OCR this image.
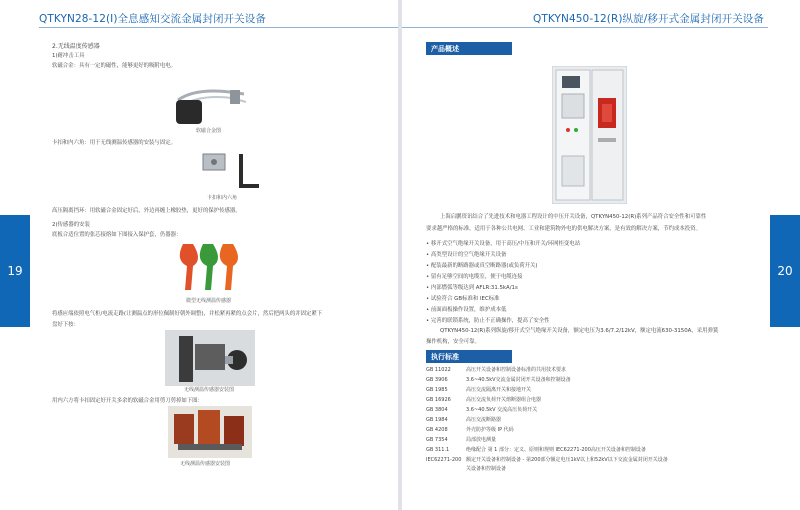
QTKYN28-12(I)全息感知交流金属封闭开关设备
19
2.无线温度传感器
1)耐冲击工具
软磁合金：具有一定的磁性，能够更好的吸附电电。
软磁合金图
卡扣和内六角：用于无线测温传感器的安装与固定。
卡扣和内六角
高压隔离挡环：用软磁合金固定好后，外边再缠上橡胶垫，更好的保护传感器。
2)传感器的安装
底板合适位置的张芯接熔如下图接入保护套，仍器器：
微型无线测温传感器
将感应端依照电气柜/电流走路(让测温点的形位佩制好朝外调整)，并松紧再紧的点会片，然后把两头的并固定紧下
盘好下按：
无线测温传感器安装图
用内六方将卡扣固定好开关多余的软磁合金用剪刀剪掉如下图：
无线测温传感器安装图
QTKYN450-12(R)纵旋/移开式金属封闭开关设备
20
产品概述
上海启鹏资讯结合了先进技术和电器工程设计的中压开关设备，QTKYN450-12(R)系列产品符合安全性和可靠性
要求越严格的标准，适用于各种公共电网、工业和建筑物外电的供电解决方案，是有效的解决方案，节约成本投资。
• 移开式空气绝缘开关设备，用于高压/中压和开关/环网柜变电站
• 高类型设计的空气绝缘开关设备
• 配装最新的断路器或真空断路器(或负荷开关)
• 留有足够空间的电缆室，便于电缆连接
• 内部燃弧等级达到 AFLR:31.5kA/1s
• 试验符合 GB标准和 IEC标准
• 前面面板操作设置，维护成本低
• 完善的联锁系统，防止不正确操作，提高了安全性
QTKYN450-12(R)系列纵旋/移开式空气绝缘开关设备，额定电压为3.6/7.2/12kV，额定电流630-3150A，采用弹簧
操作机构，安全可靠。
执行标准
GB 11022	高压开关设备和控制设备标准的共用技术要求
GB 3906	3.6~40.5kV交流金属封闭开关设备和控制设备
GB 1985	高压交流隔离开关和接地开关
GB 16926	高压交流负荷开关熔断器组合电器
GB 3804	3.6~40.5kV 交流高压负荷开关
GB 1984	高压交流断路器
GB 4208	外壳防护等级 IP 代码
GB 7354	局部放电测量
GB 311.1	绝缘配合 第 1 部分：定义、原则和规则 IEC62271-200高压开关设备和控制设备
IEC62271-200 额定开关设备和控制设备 - 第200部分额定电压1kV以上和52kV以下交流金属封闭开关设备
关设备和控制设备
